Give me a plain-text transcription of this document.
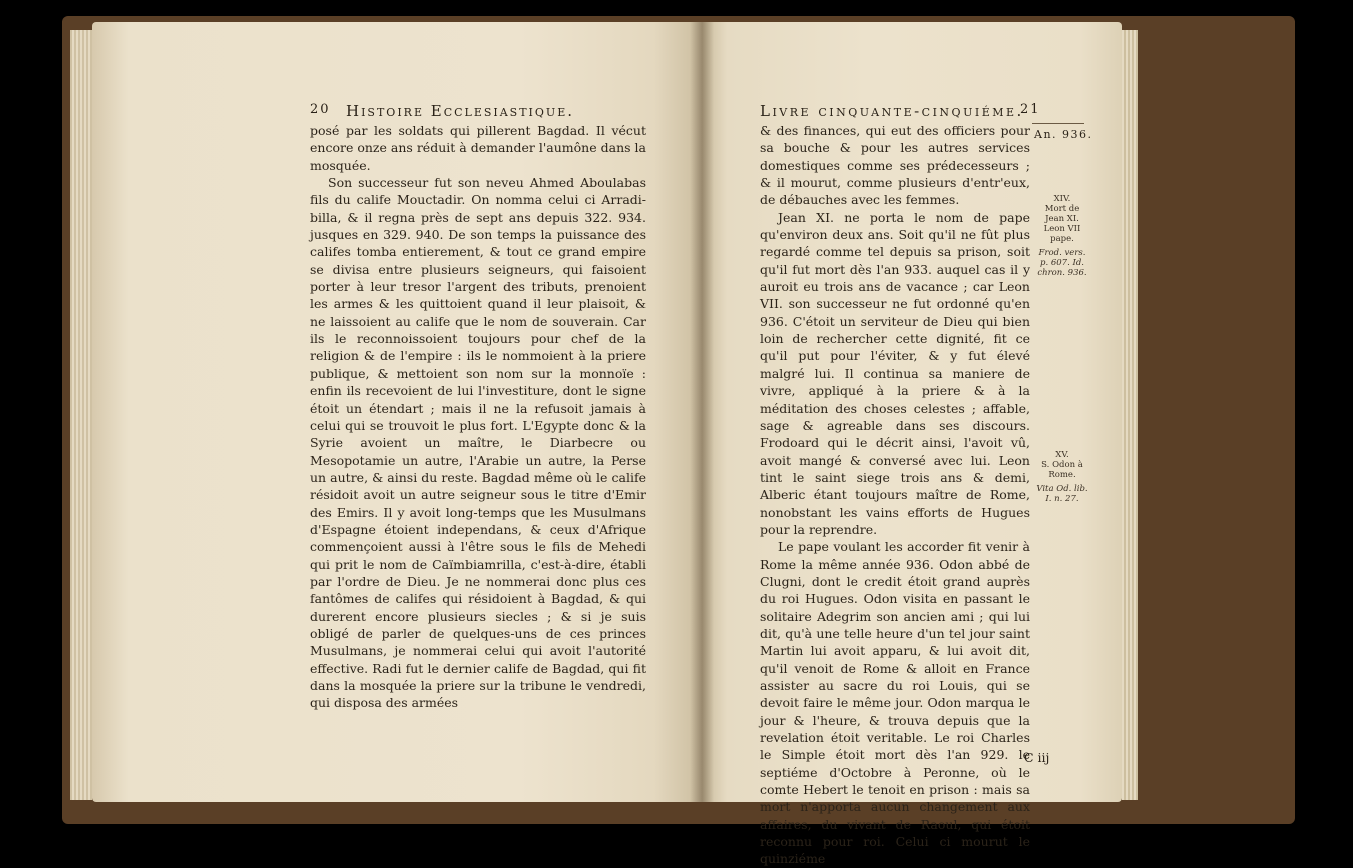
20 Histoire Ecclesiastique.

posé par les soldats qui pillerent Bagdad. Il vécut encore onze ans réduit à demander l'aumône dans la mosquée.

Son successeur fut son neveu Ahmed Aboulabas fils du calife Mouctadir. On nomma celui ci Arradi-billa, & il regna près de sept ans depuis 322. 934. jusques en 329. 940. De son temps la puissance des califes tomba entierement, & tout ce grand empire se divisa entre plusieurs seigneurs, qui faisoient porter à leur tresor l'argent des tributs, prenoient les armes & les quittoient quand il leur plaisoit, & ne laissoient au calife que le nom de souverain. Car ils le reconnoissoient toujours pour chef de la religion & de l'empire : ils le nommoient à la priere publique, & mettoient son nom sur la monnoïe : enfin ils recevoient de lui l'investiture, dont le signe étoit un étendart ; mais il ne la refusoit jamais à celui qui se trouvoit le plus fort. L'Egypte donc & la Syrie avoient un maître, le Diarbecre ou Mesopotamie un autre, l'Arabie un autre, la Perse un autre, & ainsi du reste. Bagdad même où le calife résidoit avoit un autre seigneur sous le titre d'Emir des Emirs. Il y avoit long-temps que les Musulmans d'Espagne étoient independans, & ceux d'Afrique commençoient aussi à l'être sous le fils de Mehedi qui prit le nom de Caïmbiamrilla, c'est-à-dire, établi par l'ordre de Dieu. Je ne nommerai donc plus ces fantômes de califes qui résidoient à Bagdad, & qui durerent encore plusieurs siecles ; & si je suis obligé de parler de quelques-uns de ces princes Musulmans, je nommerai celui qui avoit l'autorité effective. Radi fut le dernier calife de Bagdad, qui fit dans la mosquée la priere sur la tribune le vendredi, qui disposa des armées

Livre cinquante-cinquiéme.
21
An. 936.

& des finances, qui eut des officiers pour sa bouche & pour les autres services domestiques comme ses prédecesseurs ; & il mourut, comme plusieurs d'entr'eux, de débauches avec les femmes.

Jean XI. ne porta le nom de pape qu'environ deux ans. Soit qu'il ne fût plus regardé comme tel depuis sa prison, soit qu'il fut mort dès l'an 933. auquel cas il y auroit eu trois ans de vacance ; car Leon VII. son successeur ne fut ordonné qu'en 936. C'étoit un serviteur de Dieu qui bien loin de rechercher cette dignité, fit ce qu'il put pour l'éviter, & y fut élevé malgré lui. Il continua sa maniere de vivre, appliqué à la priere & à la méditation des choses celestes ; affable, sage & agreable dans ses discours. Frodoard qui le décrit ainsi, l'avoit vû, avoit mangé & conversé avec lui. Leon tint le saint siege trois ans & demi, Alberic étant toujours maître de Rome, nonobstant les vains efforts de Hugues pour la reprendre.

Le pape voulant les accorder fit venir à Rome la même année 936. Odon abbé de Clugni, dont le credit étoit grand auprès du roi Hugues. Odon visita en passant le solitaire Adegrim son ancien ami ; qui lui dit, qu'à une telle heure d'un tel jour saint Martin lui avoit apparu, & lui avoit dit, qu'il venoit de Rome & alloit en France assister au sacre du roi Louis, qui se devoit faire le même jour. Odon marqua le jour & l'heure, & trouva depuis que la revelation étoit veritable. Le roi Charles le Simple étoit mort dès l'an 929. le septiéme d'Octobre à Peronne, où le comte Hebert le tenoit en prison : mais sa mort n'apporta aucun changement aux affaires, du vivant de Raoul, qui étoit reconnu pour roi. Celui ci mourut le quinziéme

XIV.
Mort de Jean XI. Leon VII pape.
Frod. vers. p. 607. Id. chron. 936.
XV.
S. Odon à Rome.
Vita Od. lib. I. n. 27.
C iij
